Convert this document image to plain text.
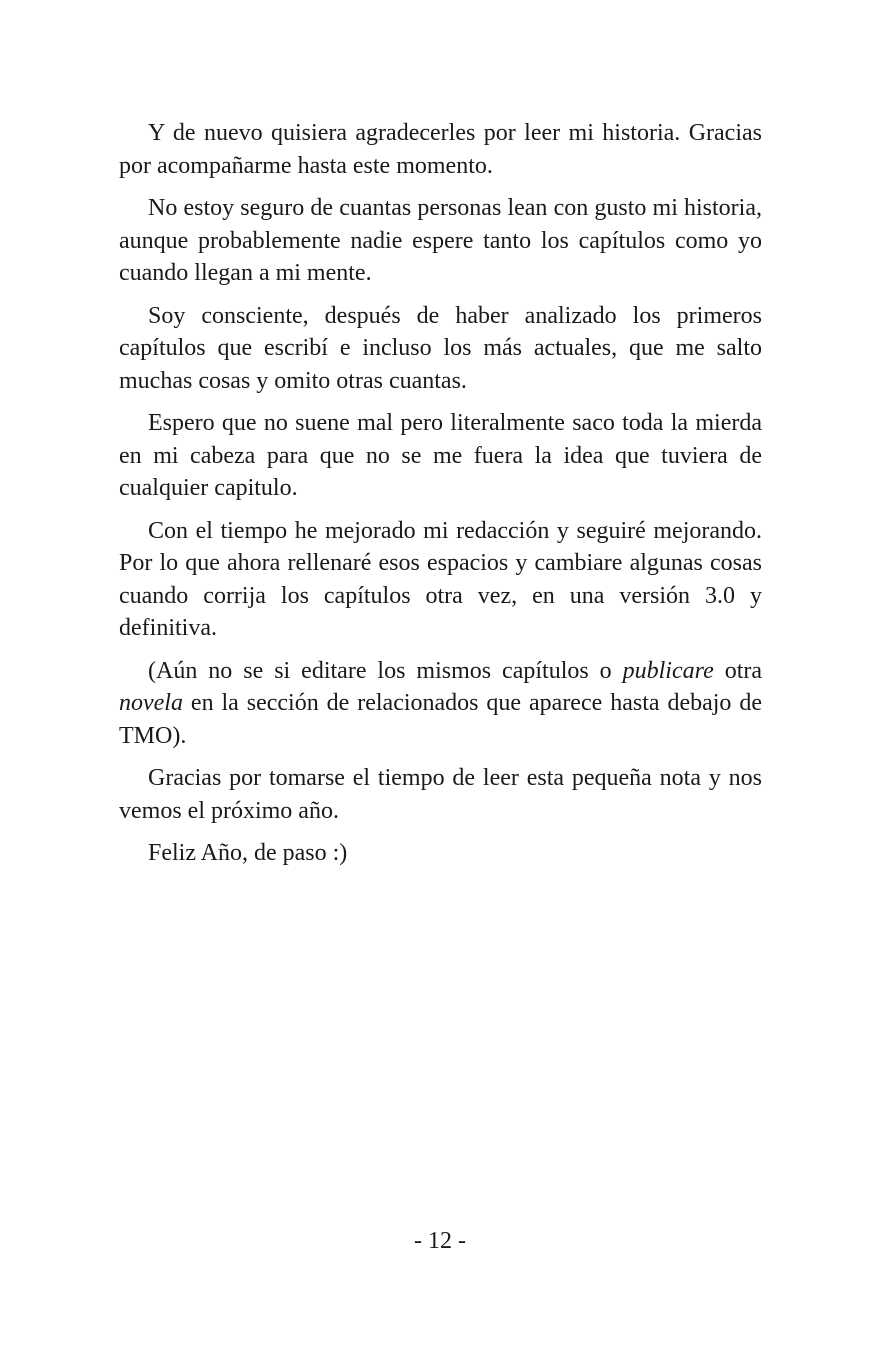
Y de nuevo quisiera agradecerles por leer mi historia. Gracias por acompañarme hasta este momento.

No estoy seguro de cuantas personas lean con gusto mi historia, aunque probablemente nadie espere tanto los capítulos como yo cuando llegan a mi mente.

Soy consciente, después de haber analizado los primeros capítulos que escribí e incluso los más actuales, que me salto muchas cosas y omito otras cuantas.

Espero que no suene mal pero literalmente saco toda la mierda en mi cabeza para que no se me fuera la idea que tuviera de cualquier capitulo.

Con el tiempo he mejorado mi redacción y seguiré mejorando. Por lo que ahora rellenaré esos espacios y cambiare algunas cosas cuando corrija los capítulos otra vez, en una versión 3.0 y definitiva.

(Aún no se si editare los mismos capítulos o publicare otra novela en la sección de relacionados que aparece hasta debajo de TMO).

Gracias por tomarse el tiempo de leer esta pequeña nota y nos vemos el próximo año.

Feliz Año, de paso :)

- 12 -
